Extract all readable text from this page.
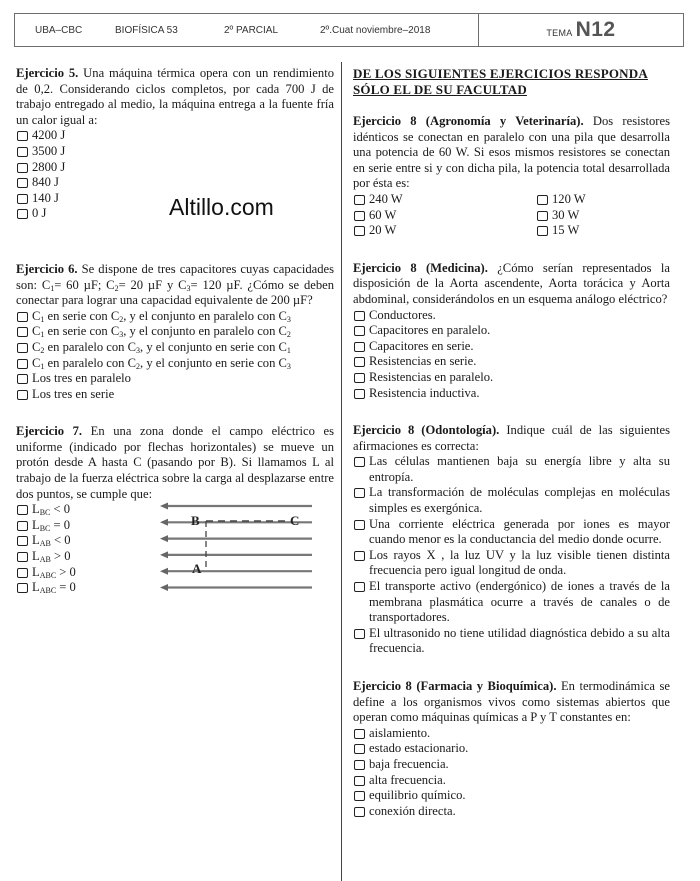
UBA–CBC	BIOFÍSICA 53	2º PARCIAL	2º.Cuat noviembre–2018	TEMA N12

Ejercicio 5. Una máquina térmica opera con un rendimiento de 0,2. Considerando ciclos completos, por cada 700 J de trabajo entregado al medio, la máquina entrega a la fuente fría un calor igual a:

4200 J
3500 J
2800 J
840 J
140 J
0 J

Ejercicio 6. Se dispone de tres capacitores cuyas capacidades son: $C_1= 60$ µF; $C_2= 20$ µF y $C_3= 120$ µF. ¿Cómo se deben conectar para lograr una capacidad equivalente de 200 µF?

$C_1$ en serie con $C_2$, y el conjunto en paralelo con $C_3$
$C_1$ en serie con $C_3$, y el conjunto en paralelo con $C_2$
$C_2$ en paralelo con $C_3$, y el conjunto en serie con $C_1$
$C_1$ en paralelo con $C_2$, y el conjunto en serie con $C_3$
Los tres en paralelo
Los tres en serie

Ejercicio 7. En una zona donde el campo eléctrico es uniforme (indicado por flechas horizontales) se mueve un protón desde A hasta C (pasando por B). Si llamamos L al trabajo de la fuerza eléctrica sobre la carga al desplazarse entre dos puntos, se cumple que:

$L_{BC} < 0$
$L_{BC} = 0$
$L_{AB} < 0$
$L_{AB} > 0$
$L_{ABC} > 0$
$L_{ABC} = 0$
Altillo.com
B	C
A

DE LOS SIGUIENTES EJERCICIOS RESPONDA SÓLO EL DE SU FACULTAD

Ejercicio 8 (Agronomía y Veterinaría). Dos resistores idénticos se conectan en paralelo con una pila que desarrolla una potencia de 60 W. Si esos mismos resistores se conectan en serie entre si y con dicha pila, la potencia total desarrollada por ésta es:

240 W	120 W
60 W	30 W
20 W	15 W

Ejercicio 8 (Medicina). ¿Cómo serían representados la disposición de la Aorta ascendente, Aorta torácica y Aorta abdominal, considerándolos en un esquema análogo eléctrico?

Conductores.
Capacitores en paralelo.
Capacitores en serie.
Resistencias en serie.
Resistencias en paralelo.
Resistencia inductiva.

Ejercicio 8 (Odontología). Indique cuál de las siguientes afirmaciones es correcta:

Las células mantienen baja su energía libre y alta su entropía.
La transformación de moléculas complejas en moléculas simples es exergónica.
Una corriente eléctrica generada por iones es mayor cuando menor es la conductancia del medio donde ocurre.
Los rayos X , la luz UV y la luz visible tienen distinta frecuencia pero igual longitud de onda.
El transporte activo (endergónico) de iones a través de la membrana plasmática ocurre a través de canales o de transportadores.
El ultrasonido no tiene utilidad diagnóstica debido a su alta frecuencia.

Ejercicio 8 (Farmacia y Bioquímica). En termodinámica se define a los organismos vivos como sistemas abiertos que operan como máquinas químicas a P y T constantes en:

aislamiento.
estado estacionario.
baja frecuencia.
alta frecuencia.
equilibrio químico.
conexión directa.
